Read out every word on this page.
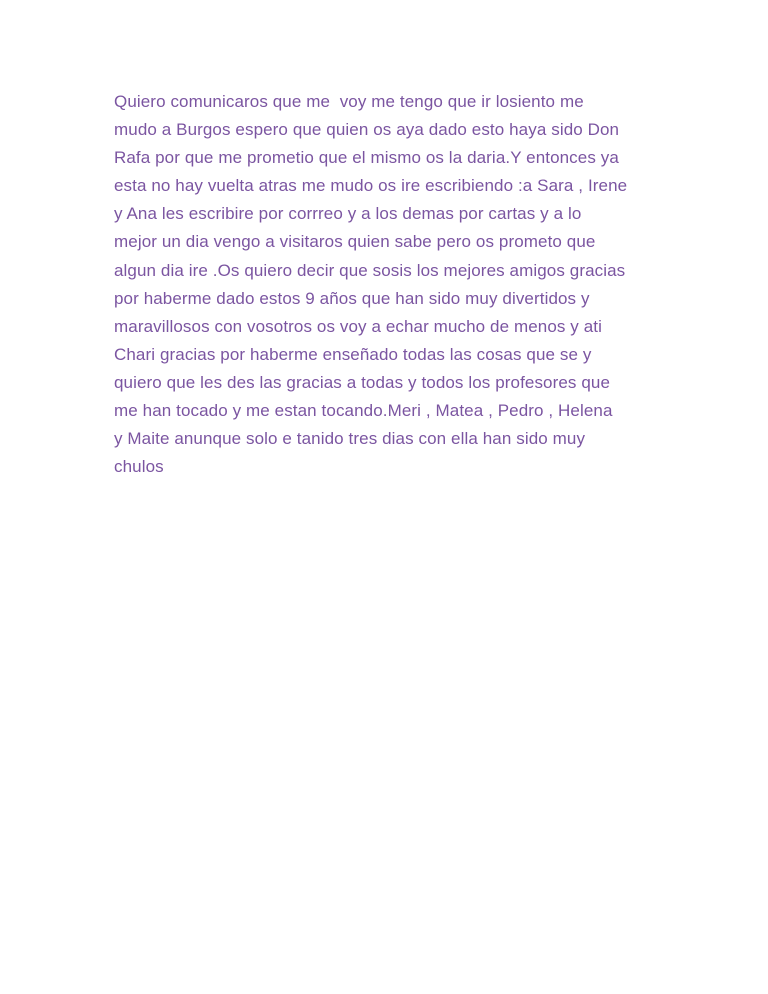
Quiero comunicaros que me  voy me tengo que ir losiento me
mudo a Burgos espero que quien os aya dado esto haya sido Don
Rafa por que me prometio que el mismo os la daria.Y entonces ya
esta no hay vuelta atras me mudo os ire escribiendo :a Sara , Irene
y Ana les escribire por corrreo y a los demas por cartas y a lo
mejor un dia vengo a visitaros quien sabe pero os prometo que
algun dia ire .Os quiero decir que sosis los mejores amigos gracias
por haberme dado estos 9 años que han sido muy divertidos y
maravillosos con vosotros os voy a echar mucho de menos y ati
Chari gracias por haberme enseñado todas las cosas que se y
quiero que les des las gracias a todas y todos los profesores que
me han tocado y me estan tocando.Meri , Matea , Pedro , Helena
y Maite anunque solo e tanido tres dias con ella han sido muy
chulos
